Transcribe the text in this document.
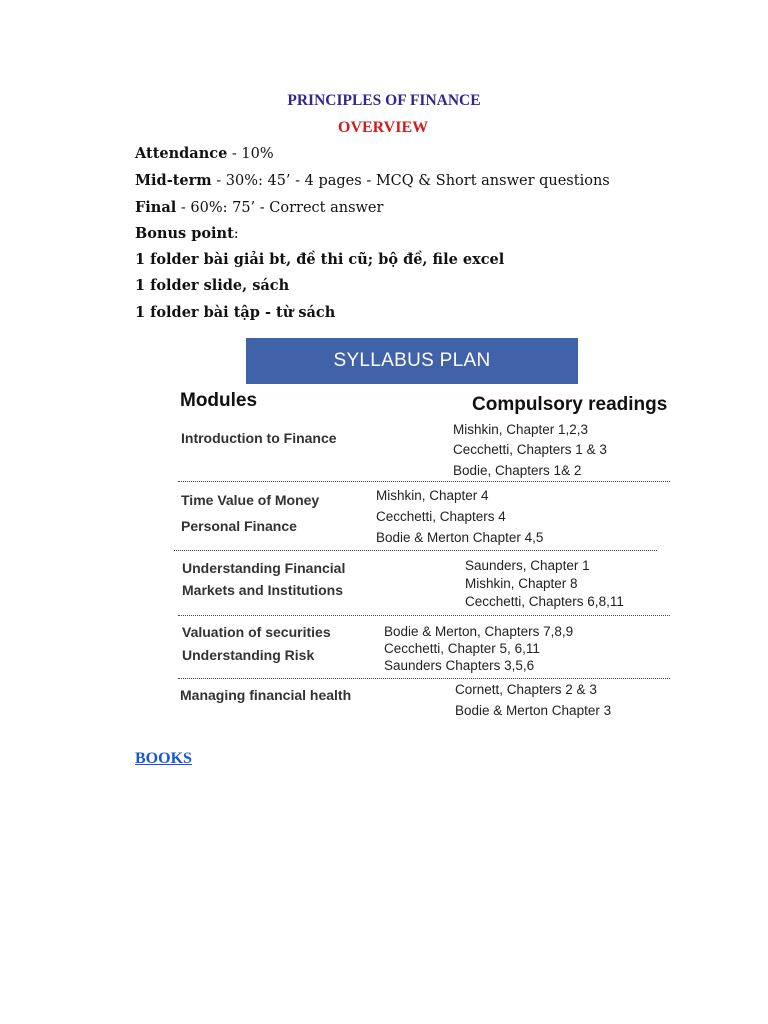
PRINCIPLES OF FINANCE
OVERVIEW
Attendance - 10%
Mid-term - 30%: 45’ - 4 pages - MCQ & Short answer questions
Final - 60%: 75’ - Correct answer
Bonus point:
1 folder bài giải bt, đề thi cũ; bộ đề, file excel
1 folder slide, sách
1 folder bài tập - từ sách
SYLLABUS PLAN
Modules	Compulsory readings
Introduction to Finance
Mishkin, Chapter 1,2,3
Cecchetti, Chapters 1 & 3
Bodie, Chapters 1& 2
Time Value of Money
Personal Finance
Mishkin, Chapter 4
Cecchetti, Chapters 4
Bodie & Merton Chapter 4,5
Understanding Financial
Markets and Institutions
Saunders, Chapter 1
Mishkin, Chapter 8
Cecchetti, Chapters 6,8,11
Valuation of securities
Understanding Risk
Bodie & Merton, Chapters 7,8,9
Cecchetti, Chapter 5, 6,11
Saunders Chapters 3,5,6
Managing financial health	Cornett, Chapters 2 & 3
Bodie & Merton Chapter 3
BOOKS
